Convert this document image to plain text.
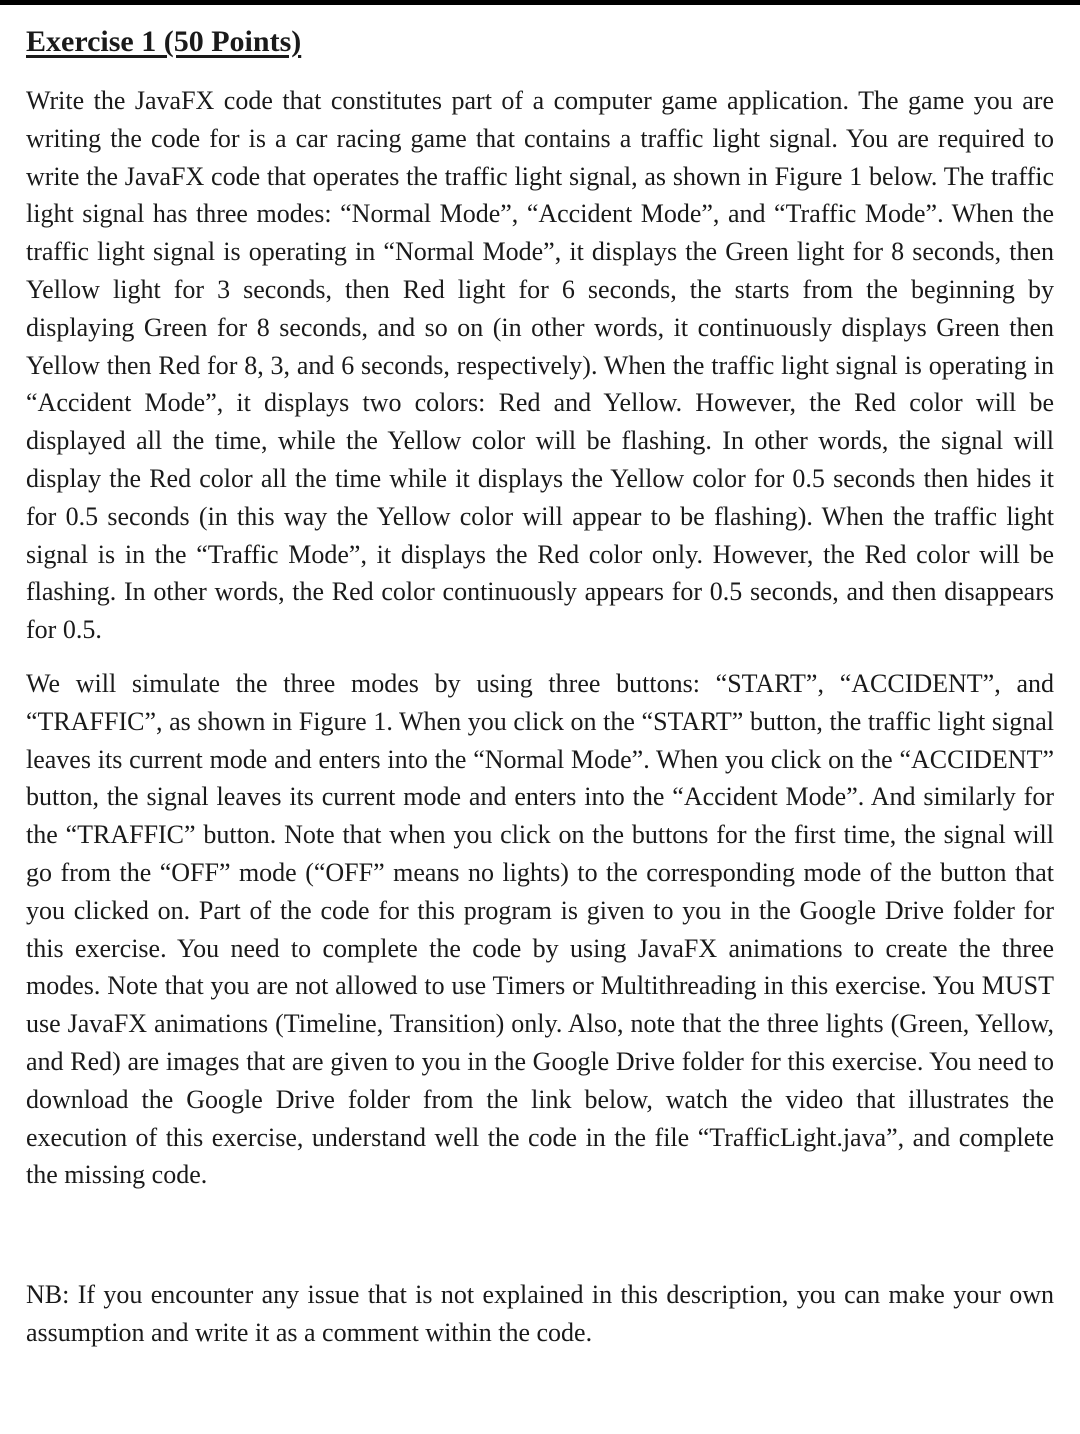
Exercise 1 (50 Points)

Write the JavaFX code that constitutes part of a computer game application. The game you are writing the code for is a car racing game that contains a traffic light signal. You are required to write the JavaFX code that operates the traffic light signal, as shown in Figure 1 below. The traffic light signal has three modes: “Normal Mode”, “Accident Mode”, and “Traffic Mode”. When the traffic light signal is operating in “Normal Mode”, it displays the Green light for 8 seconds, then Yellow light for 3 seconds, then Red light for 6 seconds, the starts from the beginning by displaying Green for 8 seconds, and so on (in other words, it continuously displays Green then Yellow then Red for 8, 3, and 6 seconds, respectively). When the traffic light signal is operating in “Accident Mode”, it displays two colors: Red and Yellow. However, the Red color will be displayed all the time, while the Yellow color will be flashing. In other words, the signal will display the Red color all the time while it displays the Yellow color for 0.5 seconds then hides it for 0.5 seconds (in this way the Yellow color will appear to be flashing). When the traffic light signal is in the “Traffic Mode”, it displays the Red color only. However, the Red color will be flashing. In other words, the Red color continuously appears for 0.5 seconds, and then disappears for 0.5.

We will simulate the three modes by using three buttons: “START”, “ACCIDENT”, and “TRAFFIC”, as shown in Figure 1. When you click on the “START” button, the traffic light signal leaves its current mode and enters into the “Normal Mode”. When you click on the “ACCIDENT” button, the signal leaves its current mode and enters into the “Accident Mode”. And similarly for the “TRAFFIC” button. Note that when you click on the buttons for the first time, the signal will go from the “OFF” mode (“OFF” means no lights) to the corresponding mode of the button that you clicked on. Part of the code for this program is given to you in the Google Drive folder for this exercise. You need to complete the code by using JavaFX animations to create the three modes. Note that you are not allowed to use Timers or Multithreading in this exercise. You MUST use JavaFX animations (Timeline, Transition) only. Also, note that the three lights (Green, Yellow, and Red) are images that are given to you in the Google Drive folder for this exercise. You need to download the Google Drive folder from the link below, watch the video that illustrates the execution of this exercise, understand well the code in the file “TrafficLight.java”, and complete the missing code.

NB: If you encounter any issue that is not explained in this description, you can make your own assumption and write it as a comment within the code.
